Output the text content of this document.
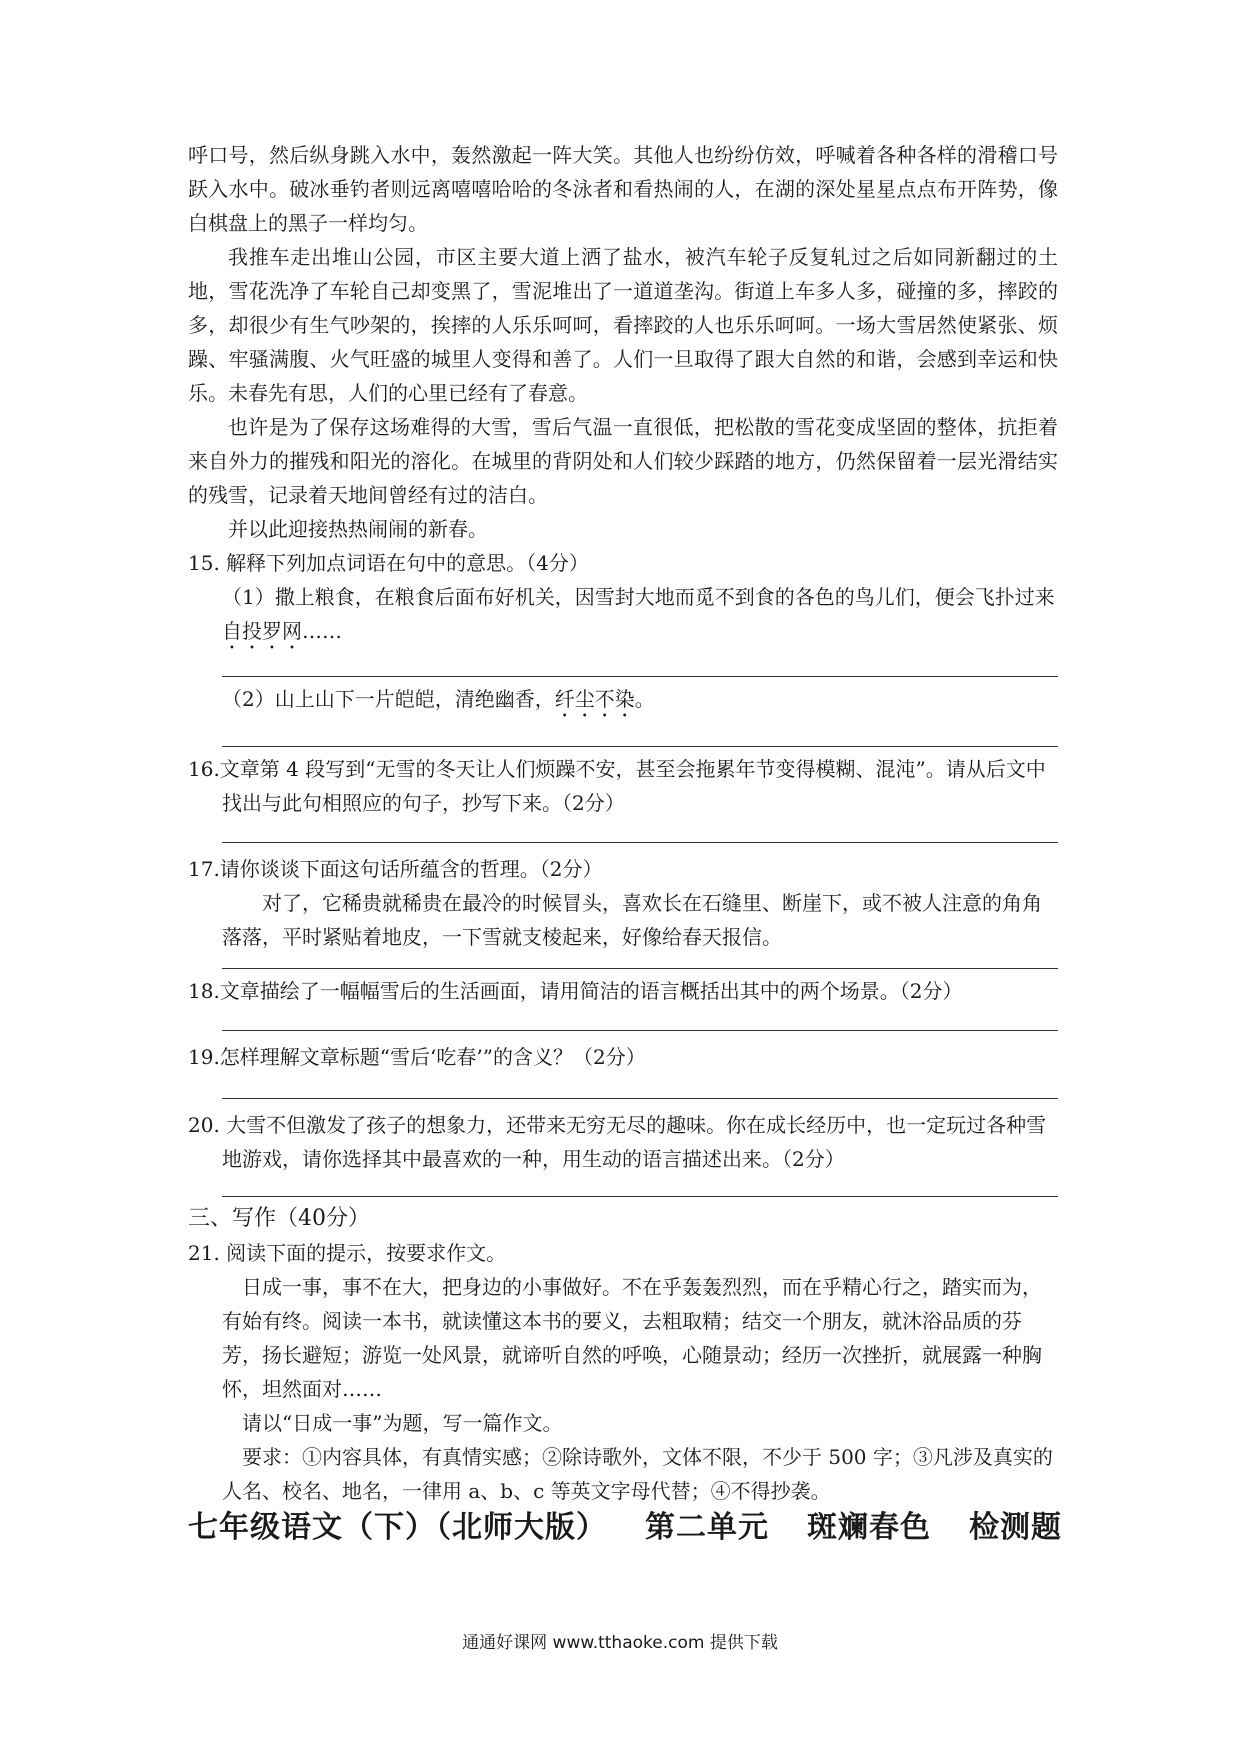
呼口号，然后纵身跳入水中，轰然激起一阵大笑。其他人也纷纷仿效，呼喊着各种各样的滑稽口号跃入水中。破冰垂钓者则远离嘻嘻哈哈的冬泳者和看热闹的人，在湖的深处星星点点布开阵势，像白棋盘上的黑子一样均匀。

我推车走出堆山公园，市区主要大道上洒了盐水，被汽车轮子反复轧过之后如同新翻过的土地，雪花洗净了车轮自己却变黑了，雪泥堆出了一道道垄沟。街道上车多人多，碰撞的多，摔跤的多，却很少有生气吵架的，挨摔的人乐乐呵呵，看摔跤的人也乐乐呵呵。一场大雪居然使紧张、烦躁、牢骚满腹、火气旺盛的城里人变得和善了。人们一旦取得了跟大自然的和谐，会感到幸运和快乐。未春先有思，人们的心里已经有了春意。

也许是为了保存这场难得的大雪，雪后气温一直很低，把松散的雪花变成坚固的整体，抗拒着来自外力的摧残和阳光的溶化。在城里的背阴处和人们较少踩踏的地方，仍然保留着一层光滑结实的残雪，记录着天地间曾经有过的洁白。

并以此迎接热热闹闹的新春。

15. 解释下列加点词语在句中的意思。（4分）

（1）撒上粮食，在粮食后面布好机关，因雪封大地而觅不到食的各色的鸟儿们，便会飞扑过来自投罗网……

（2）山上山下一片皑皑，清绝幽香，纤尘不染。

16.文章第 4 段写到“无雪的冬天让人们烦躁不安，甚至会拖累年节变得模糊、混沌”。请从后文中找出与此句相照应的句子，抄写下来。（2分）

17.请你谈谈下面这句话所蕴含的哲理。（2分）

对了，它稀贵就稀贵在最冷的时候冒头，喜欢长在石缝里、断崖下，或不被人注意的角角落落，平时紧贴着地皮，一下雪就支棱起来，好像给春天报信。

18.文章描绘了一幅幅雪后的生活画面，请用简洁的语言概括出其中的两个场景。（2分）

19.怎样理解文章标题“雪后‘吃春’”的含义？（2分）

20. 大雪不但激发了孩子的想象力，还带来无穷无尽的趣味。你在成长经历中，也一定玩过各种雪地游戏，请你选择其中最喜欢的一种，用生动的语言描述出来。（2分）

三、写作（40分）

21. 阅读下面的提示，按要求作文。

日成一事，事不在大，把身边的小事做好。不在乎轰轰烈烈，而在乎精心行之，踏实而为，有始有终。阅读一本书，就读懂这本书的要义，去粗取精；结交一个朋友，就沐浴品质的芬芳，扬长避短；游览一处风景，就谛听自然的呼唤，心随景动；经历一次挫折，就展露一种胸怀，坦然面对……

请以“日成一事”为题，写一篇作文。

要求：①内容具体，有真情实感；②除诗歌外，文体不限，不少于 500 字；③凡涉及真实的人名、校名、地名，一律用 a、b、c 等英文字母代替；④不得抄袭。

七年级语文（下）（北师大版） 第二单元 斑斓春色 检测题

通通好课网 www.tthaoke.com 提供下载
